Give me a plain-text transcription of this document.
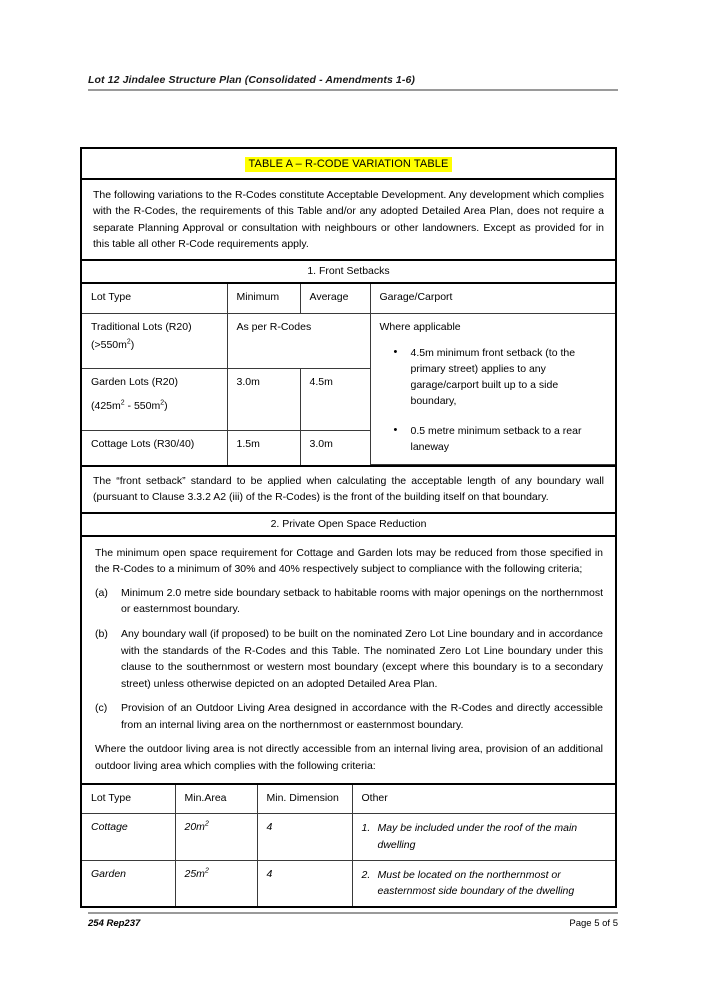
Lot 12 Jindalee Structure Plan (Consolidated - Amendments 1-6)
TABLE A – R-CODE VARIATION TABLE
The following variations to the R-Codes constitute Acceptable Development. Any development which complies with the R-Codes, the requirements of this Table and/or any adopted Detailed Area Plan, does not require a separate Planning Approval or consultation with neighbours or other landowners. Except as provided for in this table all other R-Code requirements apply.
1. Front Setbacks
Lot Type	Minimum	Average	Garage/Carport

Traditional Lots (R20)
$(>550m^2)$
	As per R-Codes	Where applicable
• 4.5m minimum front setback (to the primary street) applies to any garage/carport built up to a side boundary,
• 0.5 metre minimum setback to a rear laneway

Garden Lots (R20)
$(425m^2 - 550m^2)$	3.0m	4.5m	
Cottage Lots (R30/40)	1.5m	3.0m	
The “front setback” standard to be applied when calculating the acceptable length of any boundary wall (pursuant to Clause 3.3.2 A2 (iii) of the R-Codes) is the front of the building itself on that boundary.
2. Private Open Space Reduction

The minimum open space requirement for Cottage and Garden lots may be reduced from those specified in the R-Codes to a minimum of 30% and 40% respectively subject to compliance with the following criteria;

(a)	Minimum 2.0 metre side boundary setback to habitable rooms with major openings on the northernmost or easternmost boundary.
(b)	Any boundary wall (if proposed) to be built on the nominated Zero Lot Line boundary and in accordance with the standards of the R-Codes and this Table. The nominated Zero Lot Line boundary under this clause to the southernmost or western most boundary (except where this boundary is to a secondary street) unless otherwise depicted on an adopted Detailed Area Plan.
(c)	Provision of an Outdoor Living Area designed in accordance with the R-Codes and directly accessible from an internal living area on the northernmost or easternmost boundary.

Where the outdoor living area is not directly accessible from an internal living area, provision of an additional outdoor living area which complies with the following criteria:

Lot Type	Min.Area	Min. Dimension	Other
Cottage	$20m^2$	4	1. May be included under the roof of the main dwelling

Garden	$25m^2$	4	2. Must be located on the northernmost or easternmost side boundary of the dwelling
254 Rep237	Page 5 of 5
